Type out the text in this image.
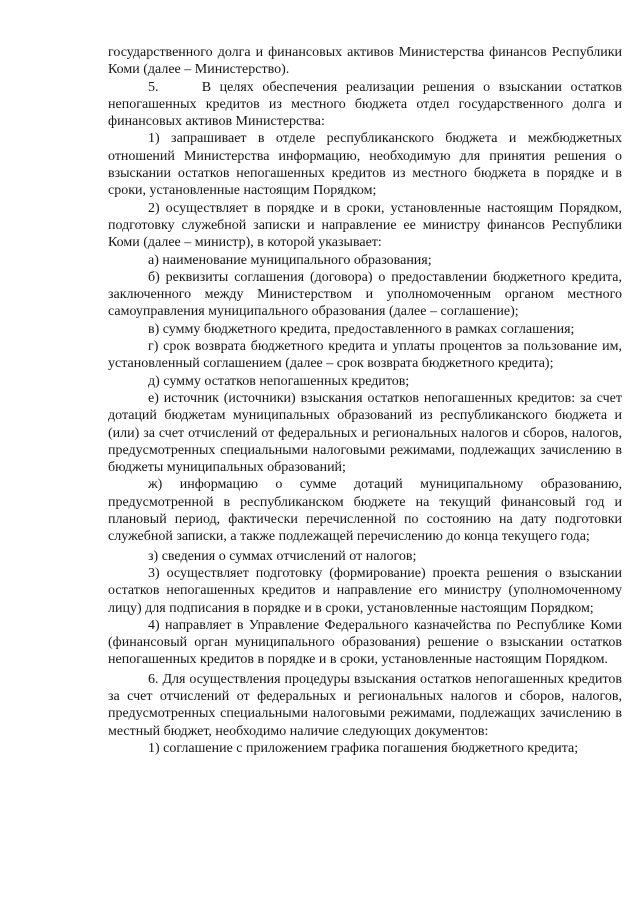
государственного долга и финансовых активов Министерства финансов Республики Коми (далее – Министерство).

5.     В целях обеспечения реализации решения о взыскании остатков непогашенных кредитов из местного бюджета отдел государственного долга и финансовых активов Министерства:

1) запрашивает в отделе республиканского бюджета и межбюджетных отношений Министерства информацию, необходимую для принятия решения о взыскании остатков непогашенных кредитов из местного бюджета в порядке и в сроки, установленные настоящим Порядком;

2) осуществляет в порядке и в сроки, установленные настоящим Порядком, подготовку служебной записки и направление ее министру финансов Республики Коми (далее – министр), в которой указывает:

а) наименование муниципального образования;

б) реквизиты соглашения (договора) о предоставлении бюджетного кредита, заключенного между Министерством и уполномоченным органом местного самоуправления муниципального образования (далее – соглашение);

в) сумму бюджетного кредита, предоставленного в рамках соглашения;

г) срок возврата бюджетного кредита и уплаты процентов за пользование им, установленный соглашением (далее – срок возврата бюджетного кредита);

д) сумму остатков непогашенных кредитов;

е) источник (источники) взыскания остатков непогашенных кредитов: за счет дотаций бюджетам муниципальных образований из республиканского бюджета и (или) за счет отчислений от федеральных и региональных налогов и сборов, налогов, предусмотренных специальными налоговыми режимами, подлежащих зачислению в бюджеты муниципальных образований;

ж) информацию о сумме дотаций муниципальному образованию, предусмотренной в республиканском бюджете на текущий финансовый год и плановый период, фактически перечисленной по состоянию на дату подготовки служебной записки, а также подлежащей перечислению до конца текущего года;

з) сведения о суммах отчислений от налогов;

3) осуществляет подготовку (формирование) проекта решения о взыскании остатков непогашенных кредитов и направление его министру (уполномоченному лицу) для подписания в порядке и в сроки, установленные настоящим Порядком;

4) направляет в Управление Федерального казначейства по Республике Коми (финансовый орган муниципального образования) решение о взыскании остатков непогашенных кредитов в порядке и в сроки, установленные настоящим Порядком.

6. Для осуществления процедуры взыскания остатков непогашенных кредитов за счет отчислений от федеральных и региональных налогов и сборов, налогов, предусмотренных специальными налоговыми режимами, подлежащих зачислению в местный бюджет, необходимо наличие следующих документов:

1) соглашение с приложением графика погашения бюджетного кредита;
